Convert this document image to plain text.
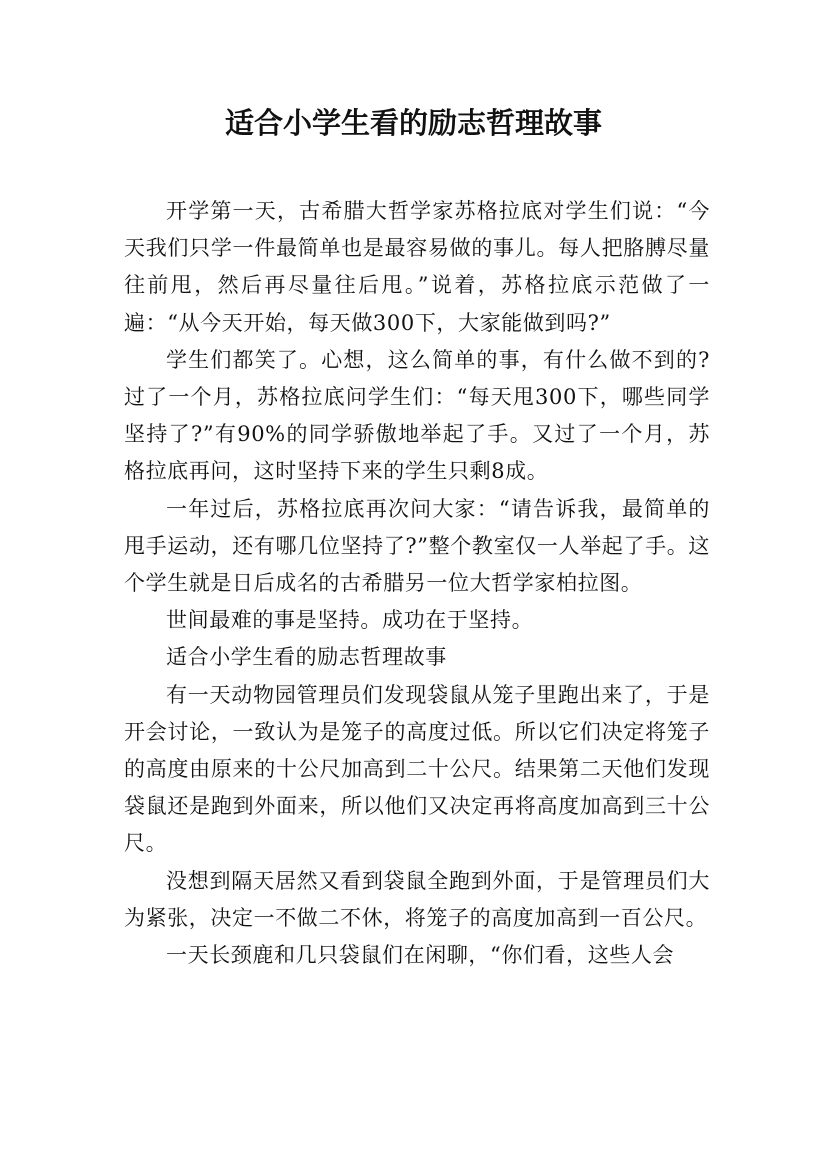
适合小学生看的励志哲理故事

开学第一天，古希腊大哲学家苏格拉底对学生们说：“今天我们只学一件最简单也是最容易做的事儿。每人把胳膊尽量往前甩，然后再尽量往后甩。”说着，苏格拉底示范做了一遍：“从今天开始，每天做300下，大家能做到吗?”

学生们都笑了。心想，这么简单的事，有什么做不到的?过了一个月，苏格拉底问学生们：“每天甩300下，哪些同学坚持了?”有90%的同学骄傲地举起了手。又过了一个月，苏格拉底再问，这时坚持下来的学生只剩8成。

一年过后，苏格拉底再次问大家：“请告诉我，最简单的甩手运动，还有哪几位坚持了?”整个教室仅一人举起了手。这个学生就是日后成名的古希腊另一位大哲学家柏拉图。

世间最难的事是坚持。成功在于坚持。

适合小学生看的励志哲理故事

有一天动物园管理员们发现袋鼠从笼子里跑出来了，于是开会讨论，一致认为是笼子的高度过低。所以它们决定将笼子的高度由原来的十公尺加高到二十公尺。结果第二天他们发现袋鼠还是跑到外面来，所以他们又决定再将高度加高到三十公尺。

没想到隔天居然又看到袋鼠全跑到外面，于是管理员们大为紧张，决定一不做二不休，将笼子的高度加高到一百公尺。

一天长颈鹿和几只袋鼠们在闲聊，“你们看，这些人会
